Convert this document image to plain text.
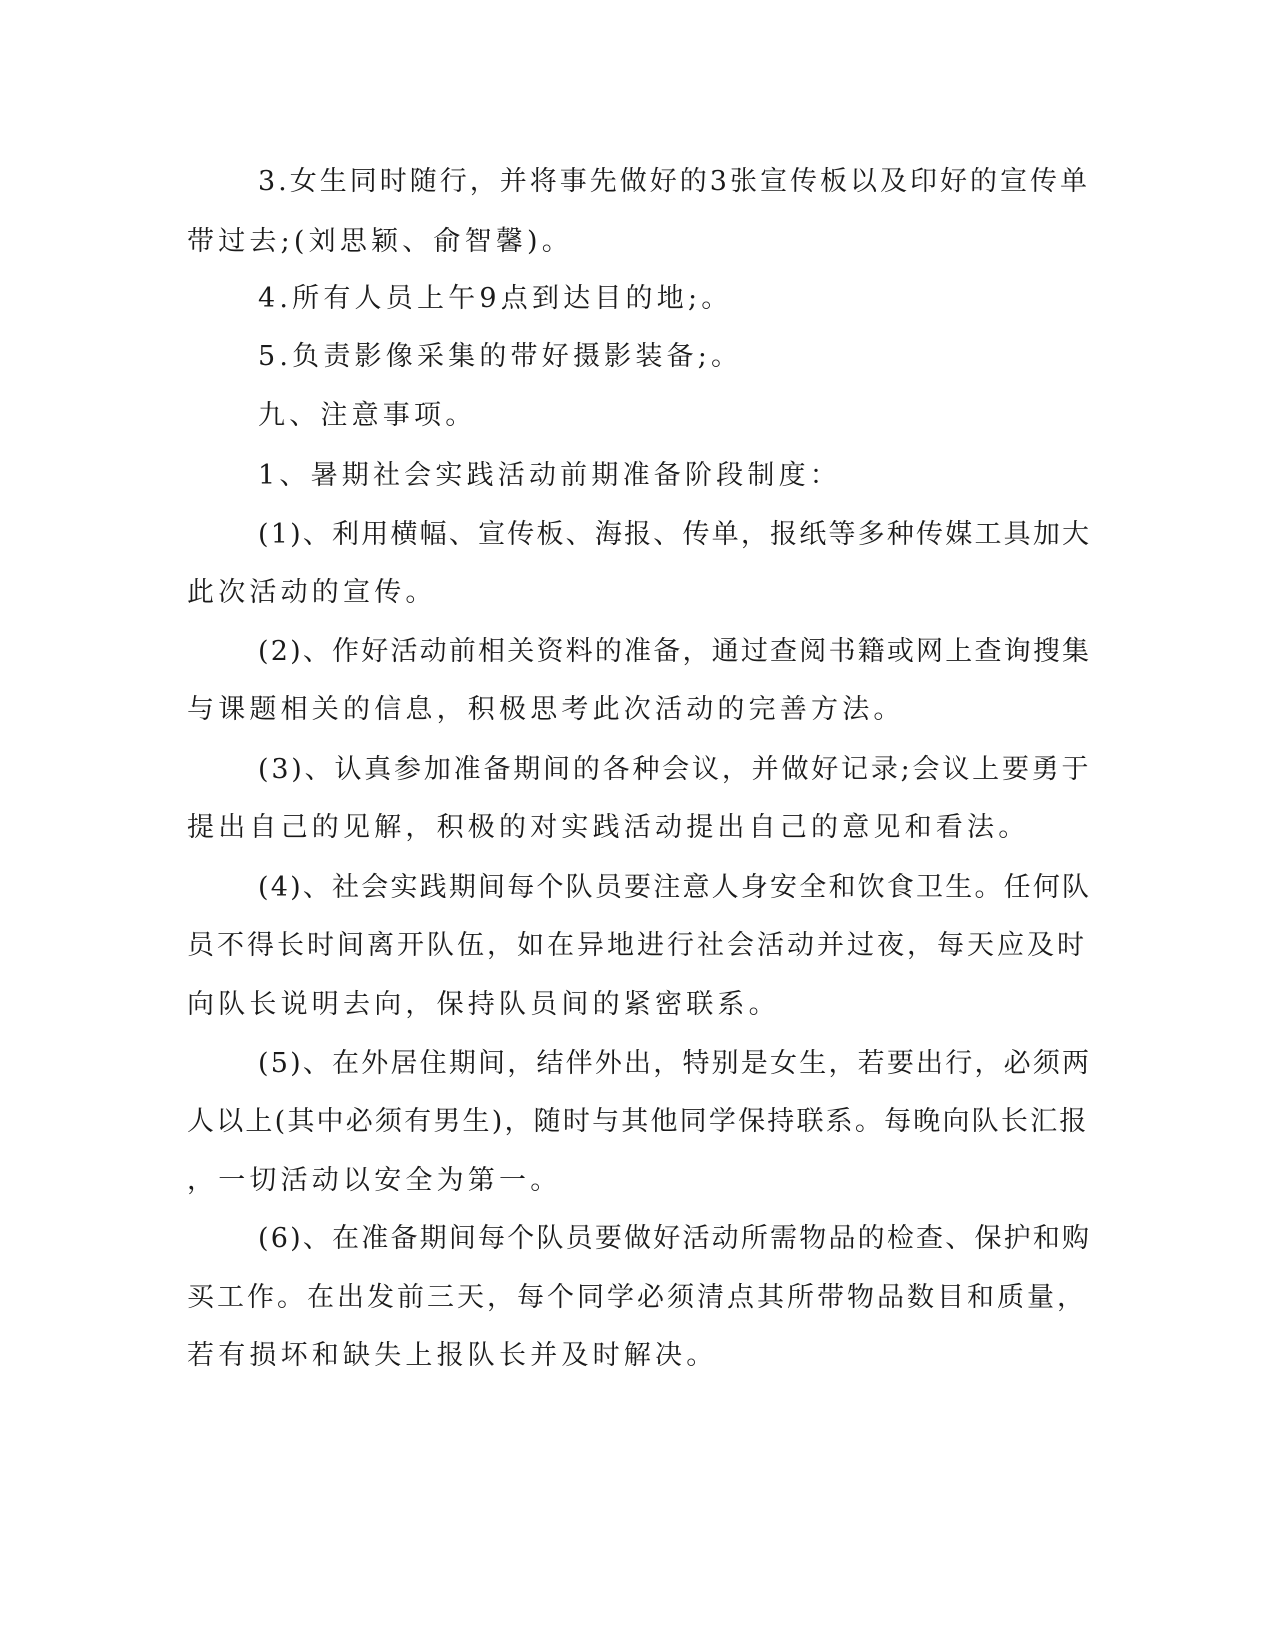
3.女生同时随行，并将事先做好的3张宣传板以及印好的宣传单

带过去;(刘思颖、俞智馨)。

4.所有人员上午9点到达目的地;。

5.负责影像采集的带好摄影装备;。

九、注意事项。

1、暑期社会实践活动前期准备阶段制度：

(1)、利用横幅、宣传板、海报、传单，报纸等多种传媒工具加大

此次活动的宣传。

(2)、作好活动前相关资料的准备，通过查阅书籍或网上查询搜集

与课题相关的信息，积极思考此次活动的完善方法。

(3)、认真参加准备期间的各种会议，并做好记录;会议上要勇于

提出自己的见解，积极的对实践活动提出自己的意见和看法。

(4)、社会实践期间每个队员要注意人身安全和饮食卫生。任何队

员不得长时间离开队伍，如在异地进行社会活动并过夜，每天应及时

向队长说明去向，保持队员间的紧密联系。

(5)、在外居住期间，结伴外出，特别是女生，若要出行，必须两

人以上(其中必须有男生)，随时与其他同学保持联系。每晚向队长汇报

，一切活动以安全为第一。

(6)、在准备期间每个队员要做好活动所需物品的检查、保护和购

买工作。在出发前三天，每个同学必须清点其所带物品数目和质量，

若有损坏和缺失上报队长并及时解决。
